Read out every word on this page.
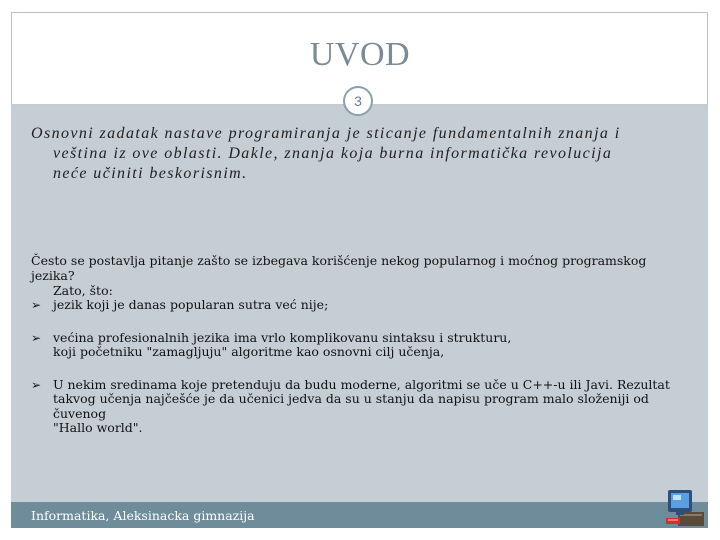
UVOD
3
Osnovni zadatak nastave programiranja je sticanje fundamentalnih znanja i
veština iz ove oblasti. Dakle, znanja koja burna informatička revolucija
neće učiniti beskorisnim.
Često se postavlja pitanje zašto se izbegava korišćenje nekog popularnog i moćnog programskog jezika?
Zato, što:
➢ jezik koji je danas popularan sutra već nije;
➢ većina profesionalnih jezika ima vrlo komplikovanu sintaksu i strukturu,
koji početniku "zamagljuju" algoritme kao osnovni cilj učenja,
➢ U nekim sredinama koje pretenduju da budu moderne, algoritmi se uče u C++-u ili Javi. Rezultat
takvog učenja najčešće je da učenici jedva da su u stanju da napisu program malo složeniji od čuvenog
"Hallo world".
Informatika, Aleksinacka gimnazija
